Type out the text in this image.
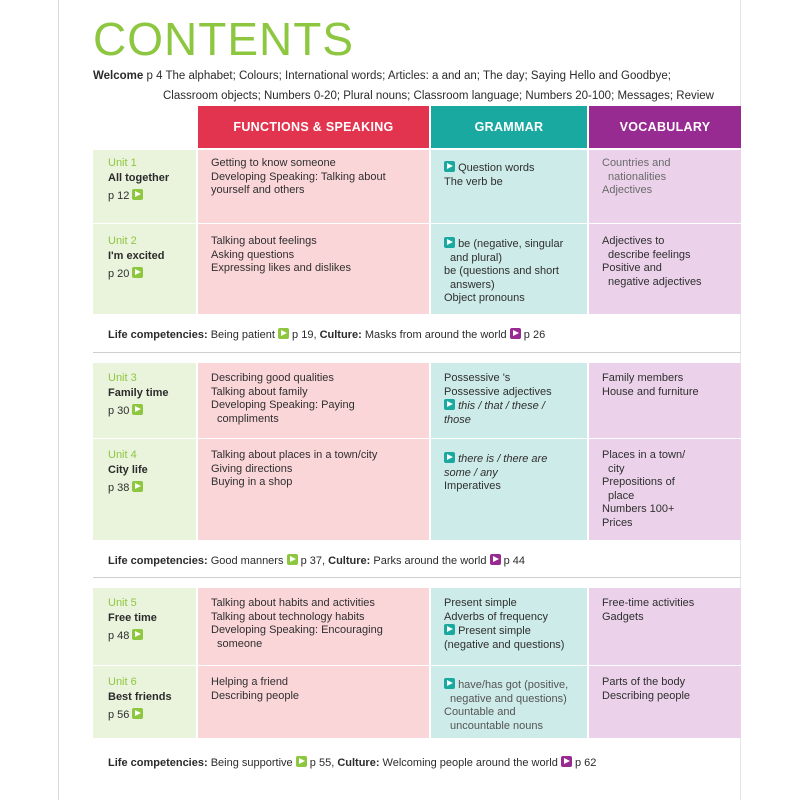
CONTENTS
Welcome p 4 The alphabet; Colours; International words; Articles: a and an; The day; Saying Hello and Goodbye;
Classroom objects; Numbers 0-20; Plural nouns; Classroom language; Numbers 20-100; Messages; Review
FUNCTIONS & SPEAKING	GRAMMAR	VOCABULARY
Unit 1
All together
p 12
Getting to know someone
Developing Speaking: Talking about
yourself and others
Question words
The verb be
Countries and
nationalities
Adjectives
Unit 2
I'm excited
p 20
Talking about feelings
Asking questions
Expressing likes and dislikes
be (negative, singular
and plural)
be (questions and short
answers)
Object pronouns
Adjectives to
describe feelings
Positive and
negative adjectives
Life competencies: Being patient p 19, Culture: Masks from around the world p 26
Unit 3
Family time
p 30
Describing good qualities
Talking about family
Developing Speaking: Paying
compliments
Possessive 's
Possessive adjectives
this / that / these /
those
Family members
House and furniture
Unit 4
City life
p 38
Talking about places in a town/city
Giving directions
Buying in a shop
there is / there are
some / any
Imperatives
Places in a town/
city
Prepositions of
place
Numbers 100+
Prices
Life competencies: Good manners p 37, Culture: Parks around the world p 44
Unit 5
Free time
p 48
Talking about habits and activities
Talking about technology habits
Developing Speaking: Encouraging
someone
Present simple
Adverbs of frequency
Present simple
(negative and questions)
Free-time activities
Gadgets
Unit 6
Best friends
p 56
Helping a friend
Describing people
have/has got (positive,
negative and questions)
Countable and
uncountable nouns
Parts of the body
Describing people
Life competencies: Being supportive p 55, Culture: Welcoming people around the world p 62
